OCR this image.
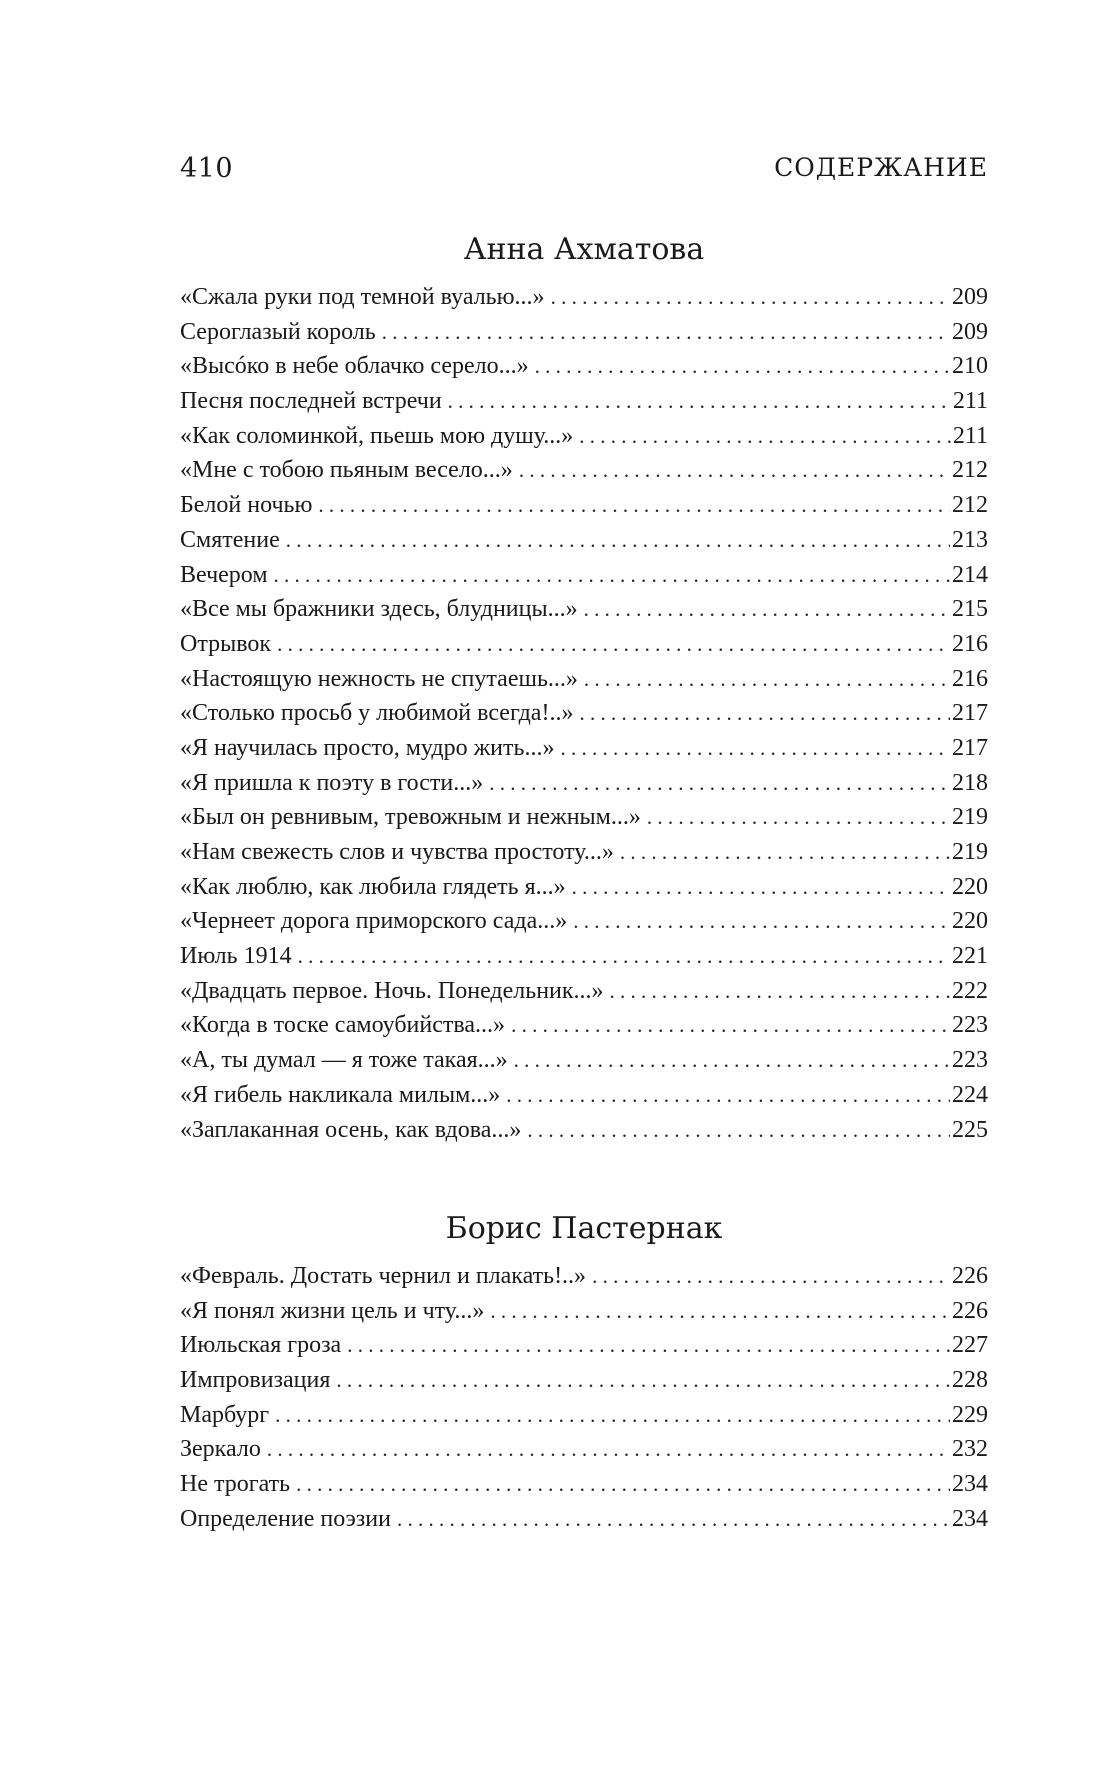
410	СОДЕРЖАНИЕ
Анна Ахматова
«Сжала руки под темной вуалью...» . . .	209
Сероглазый король . . .	209
«Высóко в небе облачко серело...» . . .	210
Песня последней встречи . . .	211
«Как соломинкой, пьешь мою душу...» . . .	211
«Мне с тобою пьяным весело...» . . .	212
Белой ночью . . .	212
Смятение . . .	213
Вечером . . .	214
«Все мы бражники здесь, блудницы...» . . .	215
Отрывок . . .	216
«Настоящую нежность не спутаешь...» . . .	216
«Столько просьб у любимой всегда!..» . . .	217
«Я научилась просто, мудро жить...» . . .	217
«Я пришла к поэту в гости...» . . .	218
«Был он ревнивым, тревожным и нежным...» . . .	219
«Нам свежесть слов и чувства простоту...» . . .	219
«Как люблю, как любила глядеть я...» . . .	220
«Чернеет дорога приморского сада...» . . .	220
Июль 1914 . . .	221
«Двадцать первое. Ночь. Понедельник...» . . .	222
«Когда в тоске самоубийства...» . . .	223
«А, ты думал — я тоже такая...» . . .	223
«Я гибель накликала милым...» . . .	224
«Заплаканная осень, как вдова...» . . .	225
Борис Пастернак
«Февраль. Достать чернил и плакать!..» . . .	226
«Я понял жизни цель и чту...» . . .	226
Июльская гроза . . .	227
Импровизация . . .	228
Марбург . . .	229
Зеркало . . .	232
Не трогать . . .	234
Определение поэзии . . .	234
